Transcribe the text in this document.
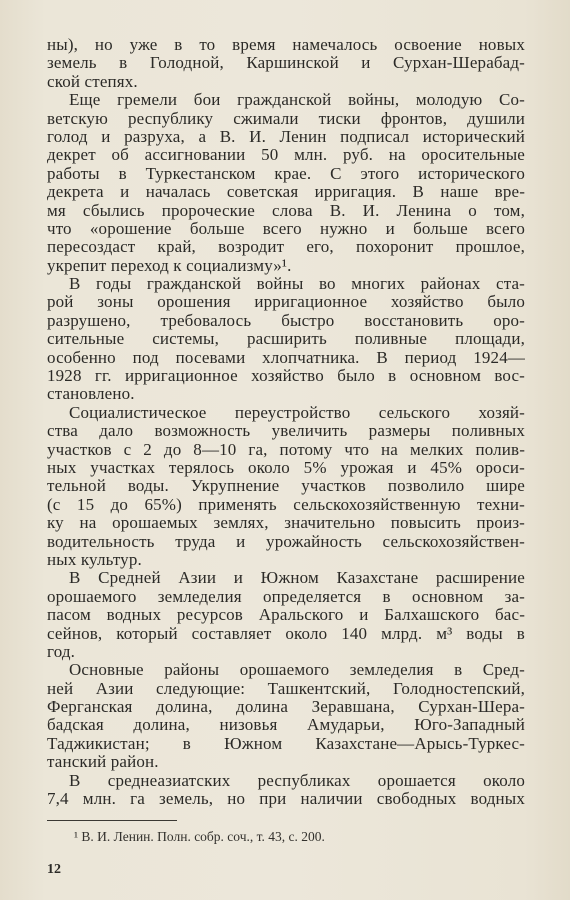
ны), но уже в то время намечалось освоение новых
земель в Голодной, Каршинской и Сурхан-Шерабад-
ской степях.
Еще гремели бои гражданской войны, молодую Со-
ветскую республику сжимали тиски фронтов, душили
голод и разруха, а В. И. Ленин подписал исторический
декрет об ассигновании 50 млн. руб. на оросительные
работы в Туркестанском крае. С этого исторического
декрета и началась советская ирригация. В наше вре-
мя сбылись пророческие слова В. И. Ленина о том,
что «орошение больше всего нужно и больше всего
пересоздаст край, возродит его, похоронит прошлое,
укрепит переход к социализму»¹.
В годы гражданской войны во многих районах ста-
рой зоны орошения ирригационное хозяйство было
разрушено, требовалось быстро восстановить оро-
сительные системы, расширить поливные площади,
особенно под посевами хлопчатника. В период 1924—
1928 гг. ирригационное хозяйство было в основном вос-
становлено.
Социалистическое переустройство сельского хозяй-
ства дало возможность увеличить размеры поливных
участков с 2 до 8—10 га, потому что на мелких полив-
ных участках терялось около 5% урожая и 45% ороси-
тельной воды. Укрупнение участков позволило шире
(с 15 до 65%) применять сельскохозяйственную техни-
ку на орошаемых землях, значительно повысить произ-
водительность труда и урожайность сельскохозяйствен-
ных культур.
В Средней Азии и Южном Казахстане расширение
орошаемого земледелия определяется в основном за-
пасом водных ресурсов Аральского и Балхашского бас-
сейнов, который составляет около 140 млрд. м³ воды в
год.
Основные районы орошаемого земледелия в Сред-
ней Азии следующие: Ташкентский, Голодностепский,
Ферганская долина, долина Зеравшана, Сурхан-Шера-
бадская долина, низовья Амударьи, Юго-Западный
Таджикистан; в Южном Казахстане—Арысь-Туркес-
танский район.
В среднеазиатских республиках орошается около
7,4 млн. га земель, но при наличии свободных водных
¹ В. И. Ленин. Полн. собр. соч., т. 43, с. 200.
12
